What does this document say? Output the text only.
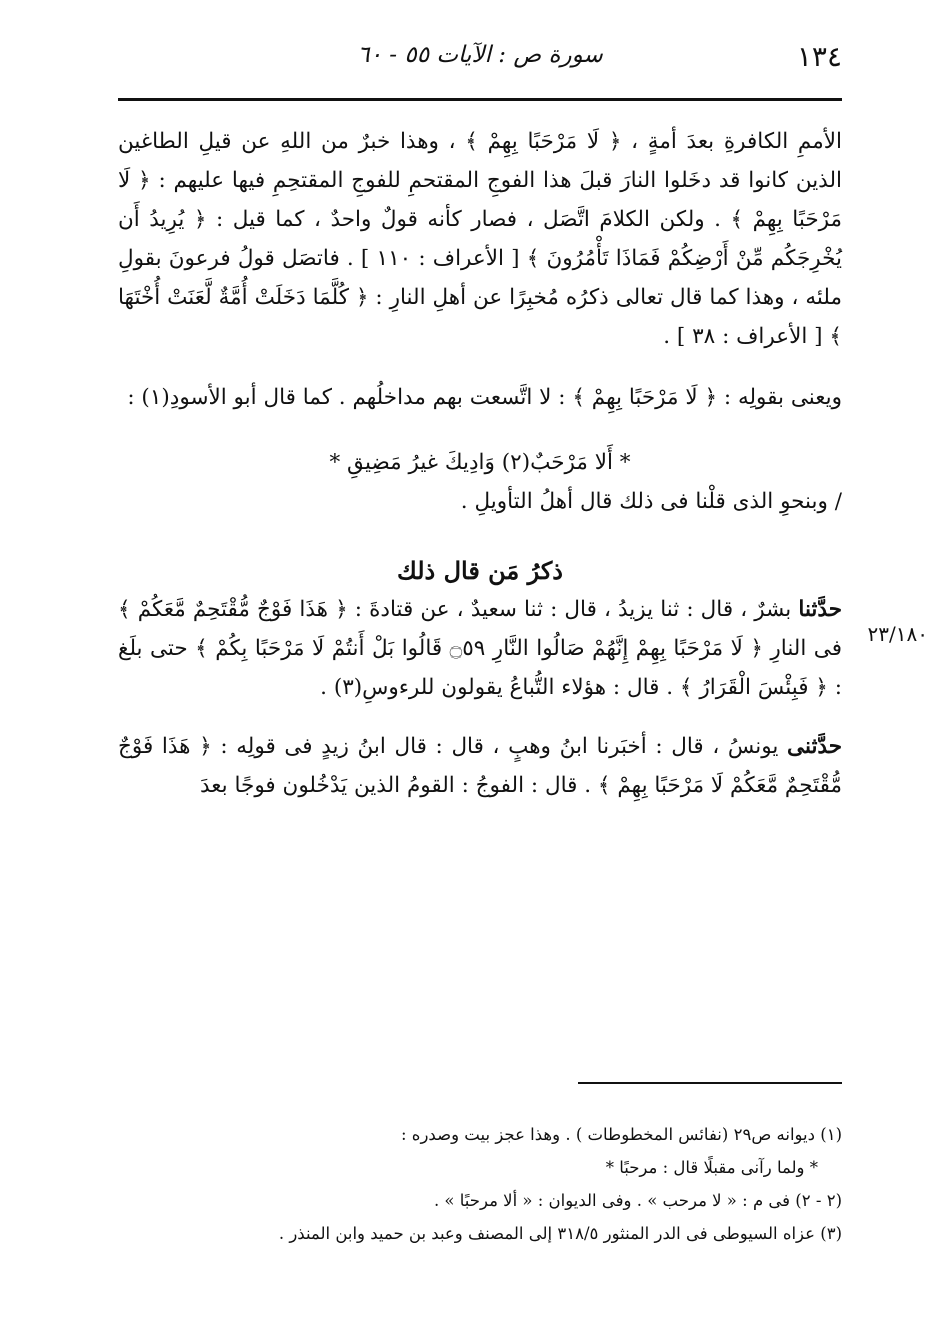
١٣٤
سورة ص : الآيات ٥٥ - ٦٠
٢٣/١٨٠

الأممِ الكافرةِ بعدَ أمةٍ ، ﴿ لَا مَرْحَبًا بِهِمْ ﴾ ، وهذا خبرٌ من اللهِ عن قيلِ الطاغين الذين كانوا قد دخَلوا النارَ قبلَ هذا الفوجِ المقتحمِ للفوجِ المقتحِمِ فيها عليهم : ﴿ لَا مَرْحَبًا بِهِمْ ﴾ . ولكن الكلامَ اتَّصَل ، فصار كأنه قولٌ واحدٌ ، كما قيل : ﴿ يُرِيدُ أَن يُخْرِجَكُم مِّنْ أَرْضِكُمْ فَمَاذَا تَأْمُرُونَ ﴾ [ الأعراف : ١١٠ ] . فاتصَل قولُ فرعونَ بقولِ ملئه ، وهذا كما قال تعالى ذكرُه مُخبِرًا عن أهلِ النارِ : ﴿ كُلَّمَا دَخَلَتْ أُمَّةٌ لَّعَنَتْ أُخْتَهَا ﴾ [ الأعراف : ٣٨ ] .

ويعنى بقولِه : ﴿ لَا مَرْحَبًا بِهِمْ ﴾ : لا اتَّسعت بهم مداخلُهم . كما قال أبو الأسودِ(١) :

* أَلا مَرْحَبٌ(٢) وَادِيكَ غيرُ مَضِيقِ *

/ وبنحوِ الذى قلْنا فى ذلك قال أهلُ التأويلِ .

ذكرُ مَن قال ذلك

حدَّثنا بشرٌ ، قال : ثنا يزيدُ ، قال : ثنا سعيدٌ ، عن قتادةَ : ﴿ هَذَا فَوْجٌ مُّقْتَحِمٌ مَّعَكُمْ ﴾ فى النارِ ﴿ لَا مَرْحَبًا بِهِمْ إِنَّهُمْ صَالُوا النَّارِ ۝٥٩ قَالُوا بَلْ أَنتُمْ لَا مَرْحَبًا بِكُمْ ﴾ حتى بلَغ : ﴿ فَبِئْسَ الْقَرَارُ ﴾ . قال : هؤلاء التُّباعُ يقولون للرءوسِ(٣) .

حدَّثنى يونسُ ، قال : أخبَرنا ابنُ وهبٍ ، قال : قال ابنُ زيدٍ فى قولِه : ﴿ هَذَا فَوْجٌ مُّقْتَحِمٌ مَّعَكُمْ لَا مَرْحَبًا بِهِمْ ﴾ . قال : الفوجُ : القومُ الذين يَدْخُلون فوجًا بعدَ

(١) ديوانه ص٢٩ (نفائس المخطوطات ) . وهذا عجز بيت وصدره :

* ولما رآنى مقبلًا قال : مرحبًا *

(٢ - ٢) فى م : « لا مرحب » . وفى الديوان : « ألا مرحبًا » .

(٣) عزاه السيوطى فى الدر المنثور ٣١٨/٥ إلى المصنف وعبد بن حميد وابن المنذر .
